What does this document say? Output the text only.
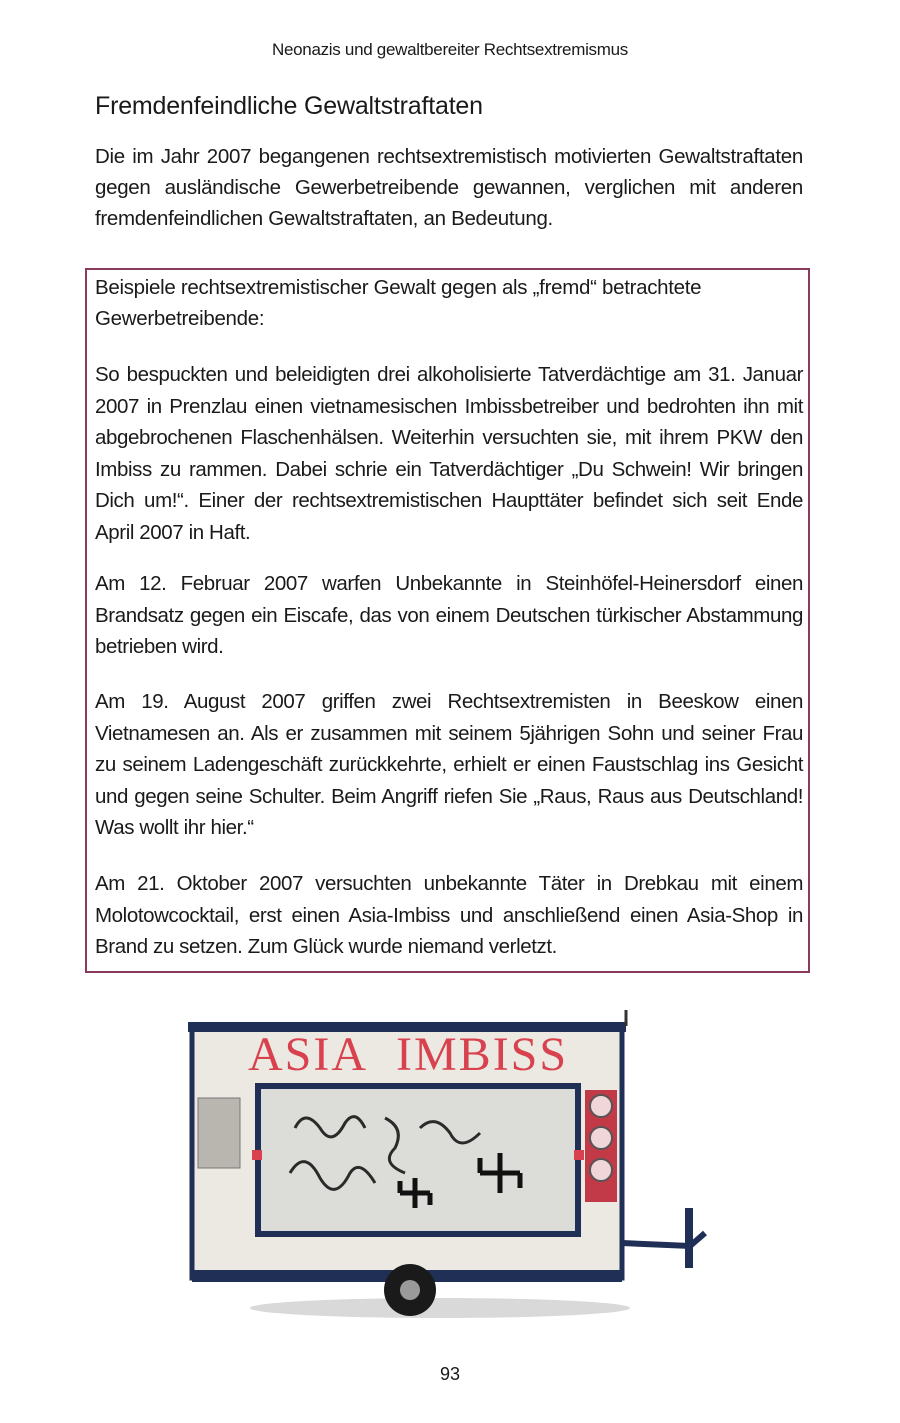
Neonazis und gewaltbereiter Rechtsextremismus
Fremdenfeindliche Gewaltstraftaten

Die im Jahr 2007 begangenen rechtsextremistisch motivierten Gewaltstraftaten gegen ausländische Gewerbetreibende gewannen, verglichen mit anderen fremdenfeindlichen Gewaltstraftaten, an Bedeutung.

Beispiele rechtsextremistischer Gewalt gegen als „fremd“ betrachtete Gewerbetreibende:

So bespuckten und beleidigten drei alkoholisierte Tatverdächtige am 31. Januar 2007 in Prenzlau einen vietnamesischen Imbissbetreiber und bedrohten ihn mit abgebrochenen Flaschenhälsen. Weiterhin versuchten sie, mit ihrem PKW den Imbiss zu rammen. Dabei schrie ein Tatverdächtiger „Du Schwein! Wir bringen Dich um!“. Einer der rechtsextremistischen Haupttäter befindet sich seit Ende April 2007 in Haft.

Am 12. Februar 2007 warfen Unbekannte in Steinhöfel-Heinersdorf einen Brandsatz gegen ein Eiscafe, das von einem Deutschen türkischer Abstammung betrieben wird.

Am 19. August 2007 griffen zwei Rechtsextremisten in Beeskow einen Vietnamesen an. Als er zusammen mit seinem 5jährigen Sohn und seiner Frau zu seinem Ladengeschäft zurückkehrte, erhielt er einen Faustschlag ins Gesicht und gegen seine Schulter. Beim Angriff riefen Sie „Raus, Raus aus Deutschland! Was wollt ihr hier.“

Am 21. Oktober 2007 versuchten unbekannte Täter in Drebkau mit einem Molotowcocktail, erst einen Asia-Imbiss und anschließend einen Asia-Shop in Brand zu setzen. Zum Glück wurde niemand verletzt.

ASIA  IMBISS
93
